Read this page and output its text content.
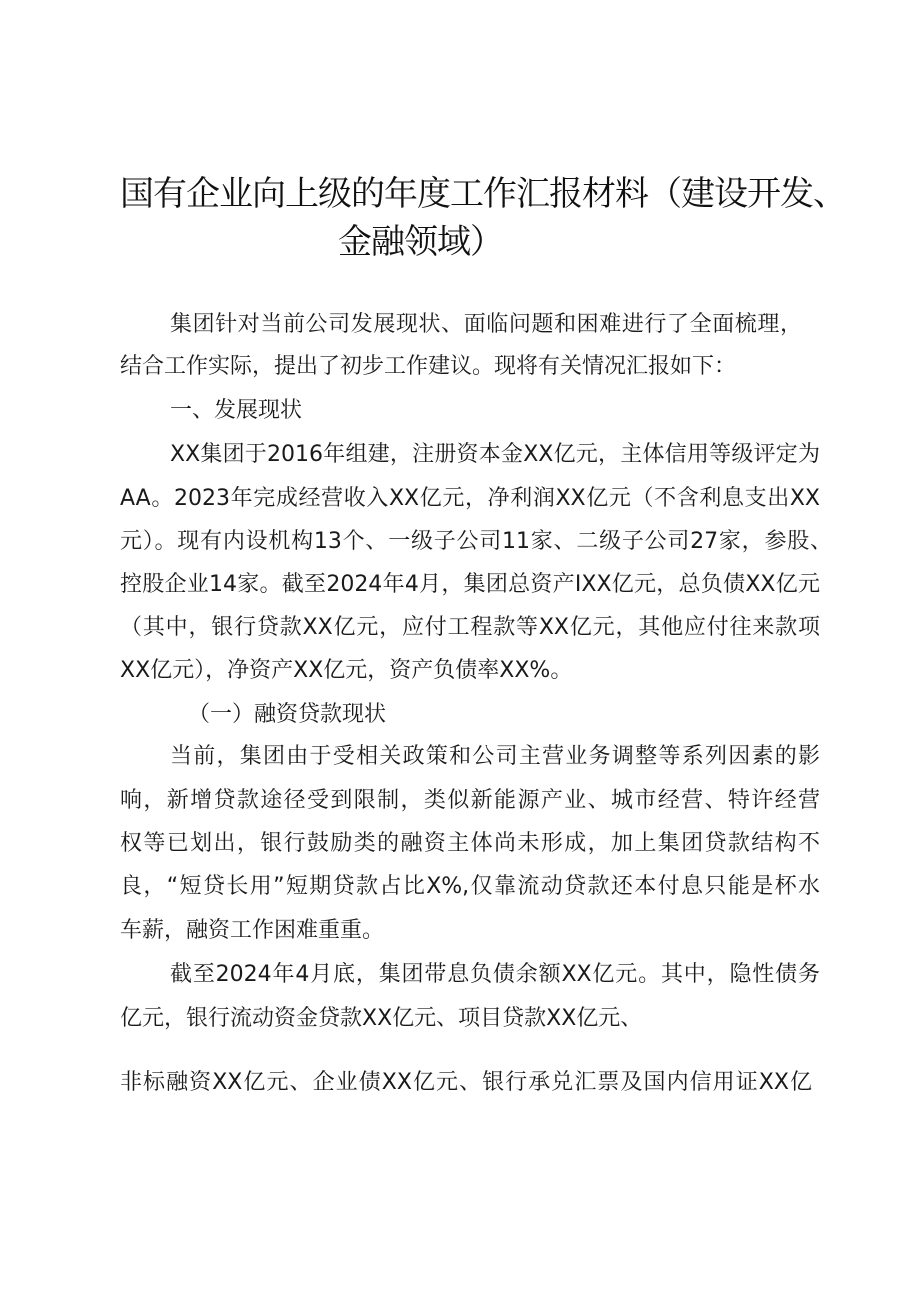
国有企业向上级的年度工作汇报材料（建设开发、
金融领域）

集团针对当前公司发展现状、面临问题和困难进行了全面梳理，

结合工作实际，提出了初步工作建议。现将有关情况汇报如下：

一、发展现状

XX集团于2016年组建，注册资本金XX亿元，主体信用等级评定为

AA。2023年完成经营收入XX亿元，净利润XX亿元（不含利息支出XX

元）。现有内设机构13个、一级子公司11家、二级子公司27家，参股、

控股企业14家。截至2024年4月，集团总资产IXX亿元，总负债XX亿元

（其中，银行贷款XX亿元，应付工程款等XX亿元，其他应付往来款项

XX亿元），净资产XX亿元，资产负债率XX%。

（一）融资贷款现状

当前，集团由于受相关政策和公司主营业务调整等系列因素的影

响，新增贷款途径受到限制，类似新能源产业、城市经营、特许经营

权等已划出，银行鼓励类的融资主体尚未形成，加上集团贷款结构不

良，“短贷长用”短期贷款占比X%,仅靠流动贷款还本付息只能是杯水

车薪，融资工作困难重重。

截至2024年4月底，集团带息负债余额XX亿元。其中，隐性债务

亿元，银行流动资金贷款XX亿元、项目贷款XX亿元、

非标融资XX亿元、企业债XX亿元、银行承兑汇票及国内信用证XX亿
